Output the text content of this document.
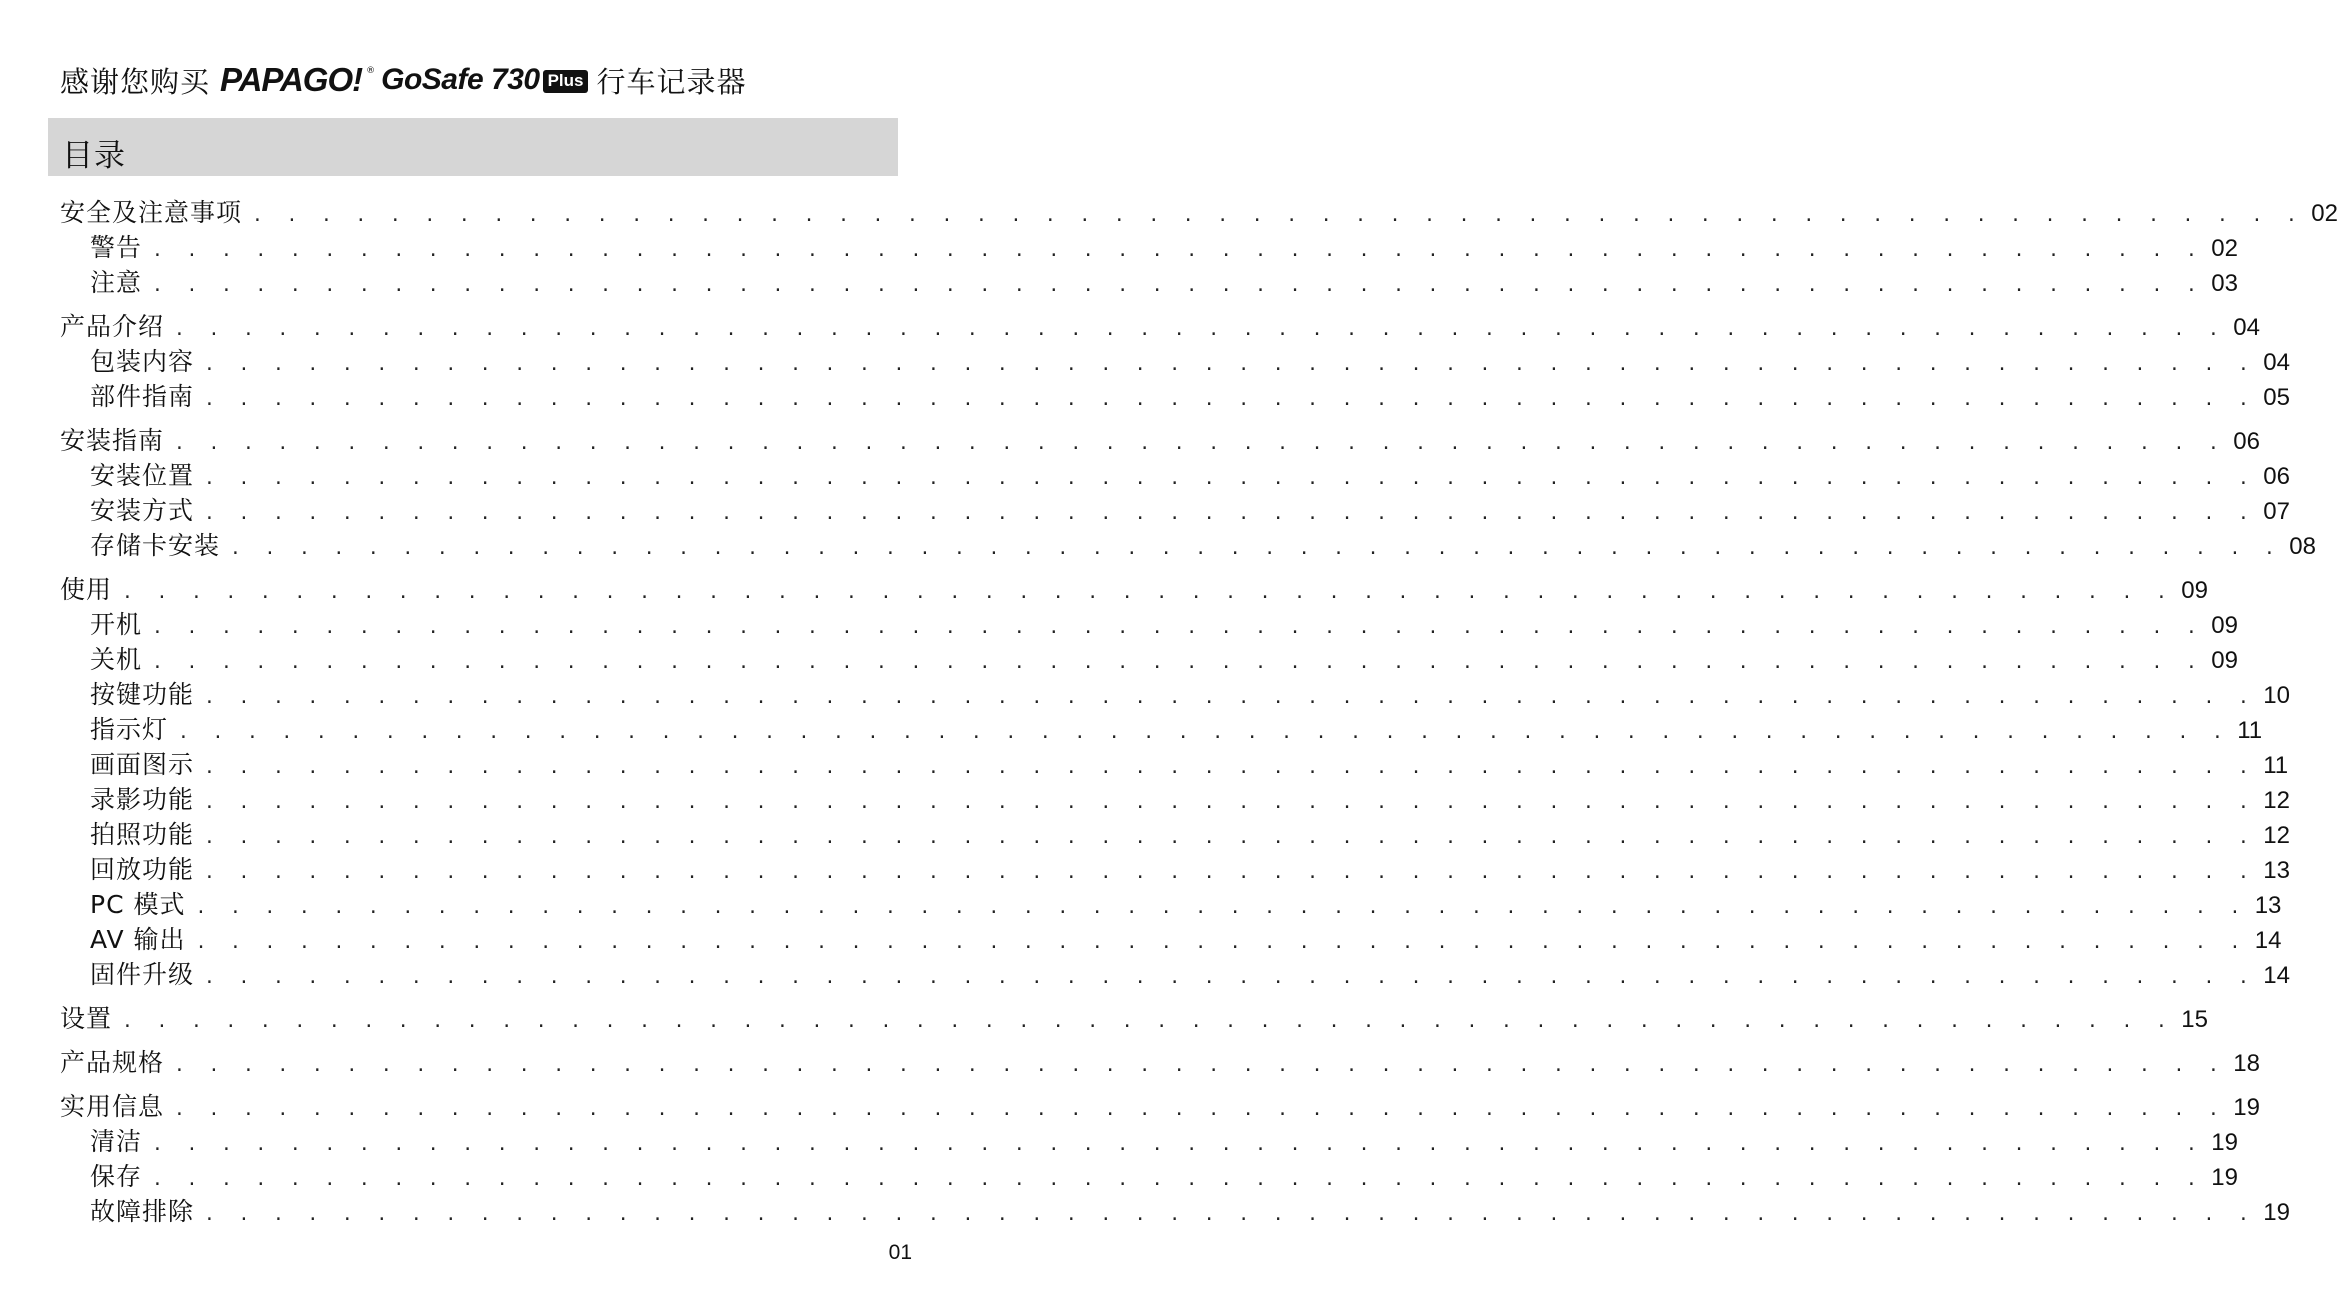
感谢您购买 PAPAGO! ® GoSafe 730 Plus 行车记录器
目录
安全及注意事项 . . . . . . . . . . . . . . . . . . . . . . . . . . . . . . . . . . . . . . . . . . . . . . . . . . . . . . . . . . . . 02
警告 . . . . . . . . . . . . . . . . . . . . . . . . . . . . . . . . . . . . . . . . . . . . . . . . . . . . . . . . . . . . 02
注意 . . . . . . . . . . . . . . . . . . . . . . . . . . . . . . . . . . . . . . . . . . . . . . . . . . . . . . . . . . . . 03
产品介绍 . . . . . . . . . . . . . . . . . . . . . . . . . . . . . . . . . . . . . . . . . . . . . . . . . . . . . . . . . . . . 04
包装内容 . . . . . . . . . . . . . . . . . . . . . . . . . . . . . . . . . . . . . . . . . . . . . . . . . . . . . . . . . . . . 04
部件指南 . . . . . . . . . . . . . . . . . . . . . . . . . . . . . . . . . . . . . . . . . . . . . . . . . . . . . . . . . . . . 05
安装指南 . . . . . . . . . . . . . . . . . . . . . . . . . . . . . . . . . . . . . . . . . . . . . . . . . . . . . . . . . . . . 06
安装位置 . . . . . . . . . . . . . . . . . . . . . . . . . . . . . . . . . . . . . . . . . . . . . . . . . . . . . . . . . . . . 06
安装方式 . . . . . . . . . . . . . . . . . . . . . . . . . . . . . . . . . . . . . . . . . . . . . . . . . . . . . . . . . . . . 07
存储卡安装 . . . . . . . . . . . . . . . . . . . . . . . . . . . . . . . . . . . . . . . . . . . . . . . . . . . . . . . . . . . . 08
使用 . . . . . . . . . . . . . . . . . . . . . . . . . . . . . . . . . . . . . . . . . . . . . . . . . . . . . . . . . . . . 09
开机 . . . . . . . . . . . . . . . . . . . . . . . . . . . . . . . . . . . . . . . . . . . . . . . . . . . . . . . . . . . . 09
关机 . . . . . . . . . . . . . . . . . . . . . . . . . . . . . . . . . . . . . . . . . . . . . . . . . . . . . . . . . . . . 09
按键功能 . . . . . . . . . . . . . . . . . . . . . . . . . . . . . . . . . . . . . . . . . . . . . . . . . . . . . . . . . . . . 10
指示灯 . . . . . . . . . . . . . . . . . . . . . . . . . . . . . . . . . . . . . . . . . . . . . . . . . . . . . . . . . . . . 11
画面图示 . . . . . . . . . . . . . . . . . . . . . . . . . . . . . . . . . . . . . . . . . . . . . . . . . . . . . . . . . . . . 11
录影功能 . . . . . . . . . . . . . . . . . . . . . . . . . . . . . . . . . . . . . . . . . . . . . . . . . . . . . . . . . . . . 12
拍照功能 . . . . . . . . . . . . . . . . . . . . . . . . . . . . . . . . . . . . . . . . . . . . . . . . . . . . . . . . . . . . 12
回放功能 . . . . . . . . . . . . . . . . . . . . . . . . . . . . . . . . . . . . . . . . . . . . . . . . . . . . . . . . . . . . 13
PC 模式 . . . . . . . . . . . . . . . . . . . . . . . . . . . . . . . . . . . . . . . . . . . . . . . . . . . . . . . . . . . . 13
AV 输出 . . . . . . . . . . . . . . . . . . . . . . . . . . . . . . . . . . . . . . . . . . . . . . . . . . . . . . . . . . . . 14
固件升级 . . . . . . . . . . . . . . . . . . . . . . . . . . . . . . . . . . . . . . . . . . . . . . . . . . . . . . . . . . . . 14
设置 . . . . . . . . . . . . . . . . . . . . . . . . . . . . . . . . . . . . . . . . . . . . . . . . . . . . . . . . . . . . 15
产品规格 . . . . . . . . . . . . . . . . . . . . . . . . . . . . . . . . . . . . . . . . . . . . . . . . . . . . . . . . . . . . 18
实用信息 . . . . . . . . . . . . . . . . . . . . . . . . . . . . . . . . . . . . . . . . . . . . . . . . . . . . . . . . . . . . 19
清洁 . . . . . . . . . . . . . . . . . . . . . . . . . . . . . . . . . . . . . . . . . . . . . . . . . . . . . . . . . . . . 19
保存 . . . . . . . . . . . . . . . . . . . . . . . . . . . . . . . . . . . . . . . . . . . . . . . . . . . . . . . . . . . . 19
故障排除 . . . . . . . . . . . . . . . . . . . . . . . . . . . . . . . . . . . . . . . . . . . . . . . . . . . . . . . . . . . . 19
01
